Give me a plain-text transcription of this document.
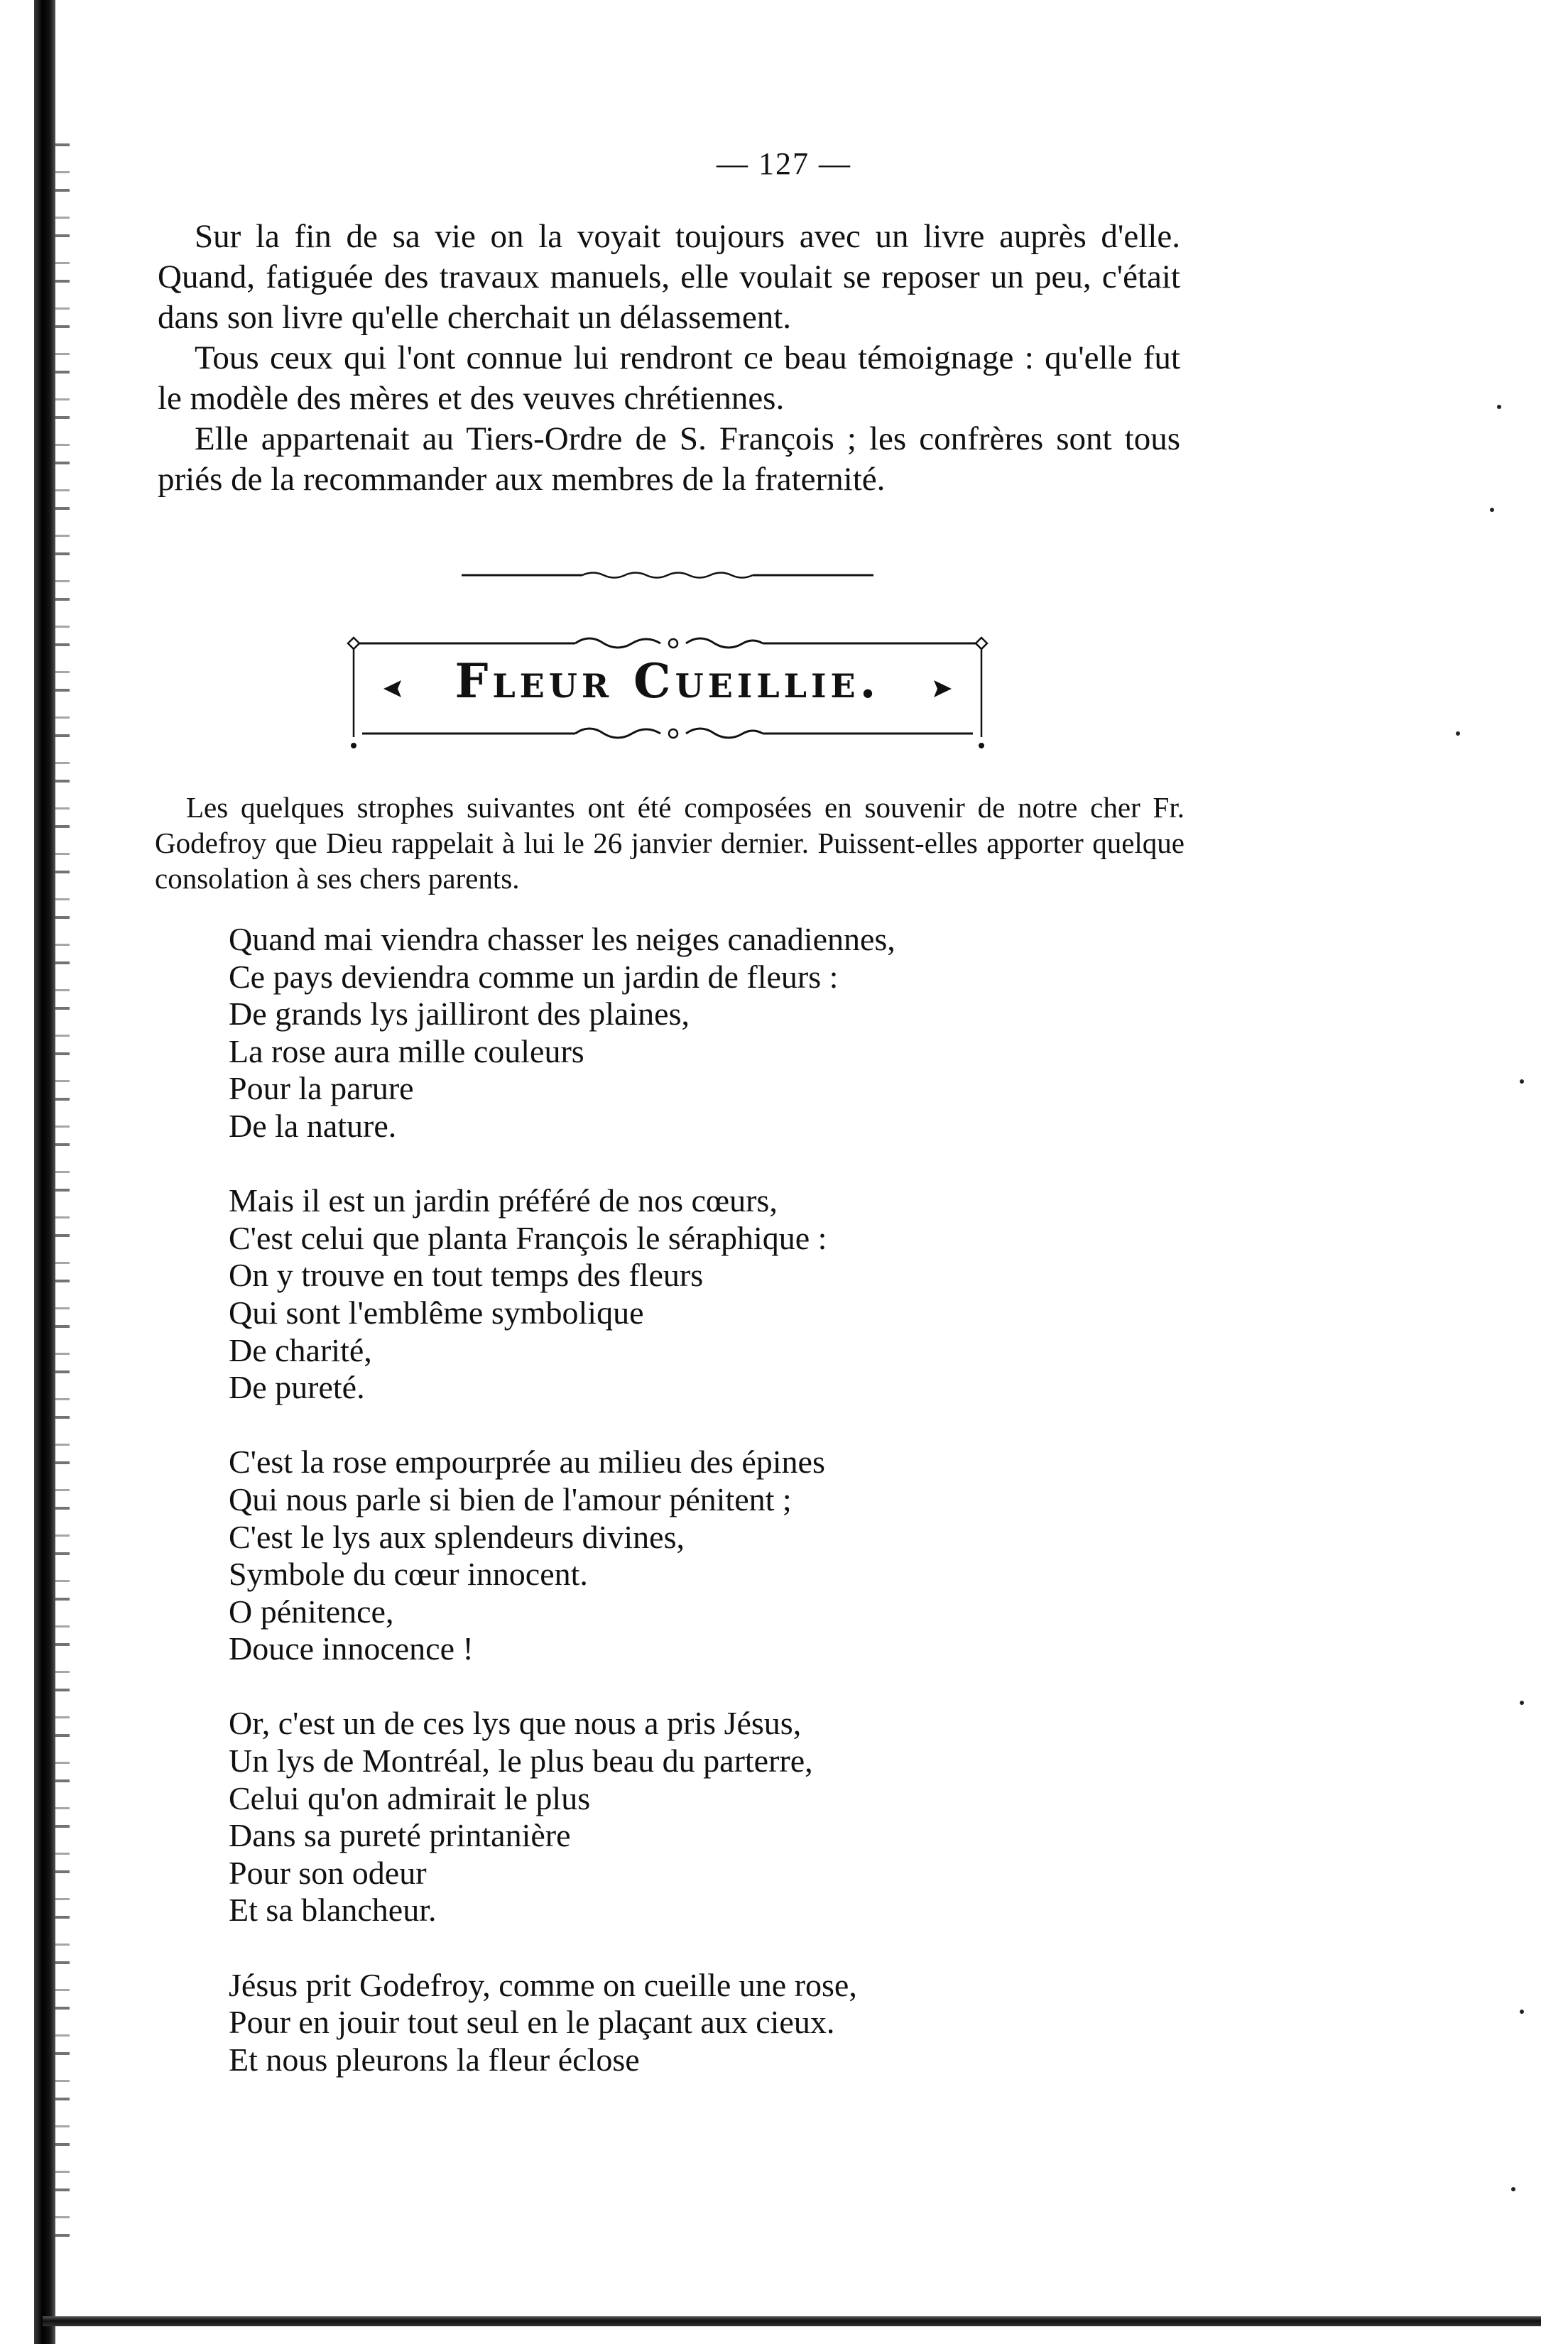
— 127 —

Sur la fin de sa vie on la voyait toujours avec un livre auprès d'elle. Quand, fatiguée des travaux manuels, elle voulait se reposer un peu, c'était dans son livre qu'elle cherchait un délassement.

Tous ceux qui l'ont connue lui rendront ce beau témoignage : qu'elle fut le modèle des mères et des veuves chrétiennes.

Elle appartenait au Tiers-Ordre de S. François ; les confrères sont tous priés de la recommander aux membres de la fraternité.

Fleur Cueillie.

Les quelques strophes suivantes ont été composées en souvenir de notre cher Fr. Godefroy que Dieu rappelait à lui le 26 janvier dernier. Puissent-elles apporter quelque consolation à ses chers parents.

Quand mai viendra chasser les neiges canadiennes,
Ce pays deviendra comme un jardin de fleurs :
De grands lys jailliront des plaines,
La rose aura mille couleurs
Pour la parure
De la nature.
Mais il est un jardin préféré de nos cœurs,
C'est celui que planta François le séraphique :
On y trouve en tout temps des fleurs
Qui sont l'emblême symbolique
De charité,
De pureté.
C'est la rose empourprée au milieu des épines
Qui nous parle si bien de l'amour pénitent ;
C'est le lys aux splendeurs divines,
Symbole du cœur innocent.
O pénitence,
Douce innocence !
Or, c'est un de ces lys que nous a pris Jésus,
Un lys de Montréal, le plus beau du parterre,
Celui qu'on admirait le plus
Dans sa pureté printanière
Pour son odeur
Et sa blancheur.
Jésus prit Godefroy, comme on cueille une rose,
Pour en jouir tout seul en le plaçant aux cieux.
Et nous pleurons la fleur éclose
